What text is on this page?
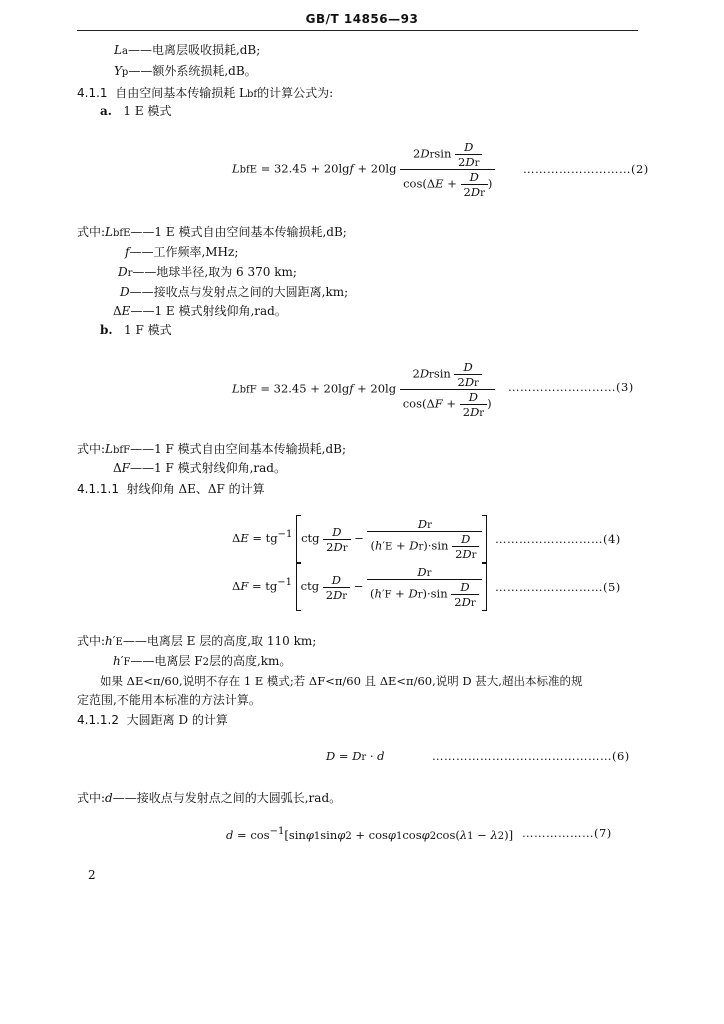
GB/T 14856—93
La——电离层吸收损耗,dB;
Yp——额外系统损耗,dB。
4.1.1 自由空间基本传输损耗 Lbf的计算公式为:
a. 1 E 模式
LbfE = $32.45 + 20\lg f + 20\lg \frac{2Drsin \frac{D}{2Dr}}{\cos(\Delta E + \frac{D}{2Dr} )}$ ………………………(2)
式中:LbfE——1 E 模式自由空间基本传输损耗,dB;
f——工作频率,MHz;
Dr——地球半径,取为 6 370 km;
D——接收点与发射点之间的大圆距离,km;
ΔE——1 E 模式射线仰角,rad。
b. 1 F 模式
LbfF = $32.45 + 20\lg f + 20\lg \frac{2Drsin \frac{D}{2Dr}}{\cos(\Delta F + \frac{D}{2Dr} )}$ ………………………(3)
式中:LbfF——1 F 模式自由空间基本传输损耗,dB;
ΔF——1 F 模式射线仰角,rad。
4.1.1.1 射线仰角 ΔE、ΔF 的计算
$\Delta E = tg^{-1}$ ctg $\frac{D}{2Dr} - \frac{Dr}{(h'E + Dr)\cdot\sin \frac{D}{2Dr}}$ ………………………(4)
$\Delta F = tg^{-1}$ ctg $\frac{D}{2Dr} - \frac{Dr}{(h'F + Dr)\cdot\sin \frac{D}{2Dr}}$ ………………………(5)
式中:h′E——电离层 E 层的高度,取 110 km;
h′F——电离层 F2层的高度,km。
如果 ΔE<π/60,说明不存在 1 E 模式;若 ΔF<π/60 且 ΔE<π/60,说明 D 甚大,超出本标准的规
定范围,不能用本标准的方法计算。
4.1.1.2 大圆距离 D 的计算
D = Dr · d	………………………………………(6)
式中:d——接收点与发射点之间的大圆弧长,rad。
$d = \cos^{-1}[\sin\varphi 1\sin\varphi 2 + \cos\varphi 1\cos\varphi 2\cos(\lambda 1 - \lambda 2)]$ ………………(7)
2
